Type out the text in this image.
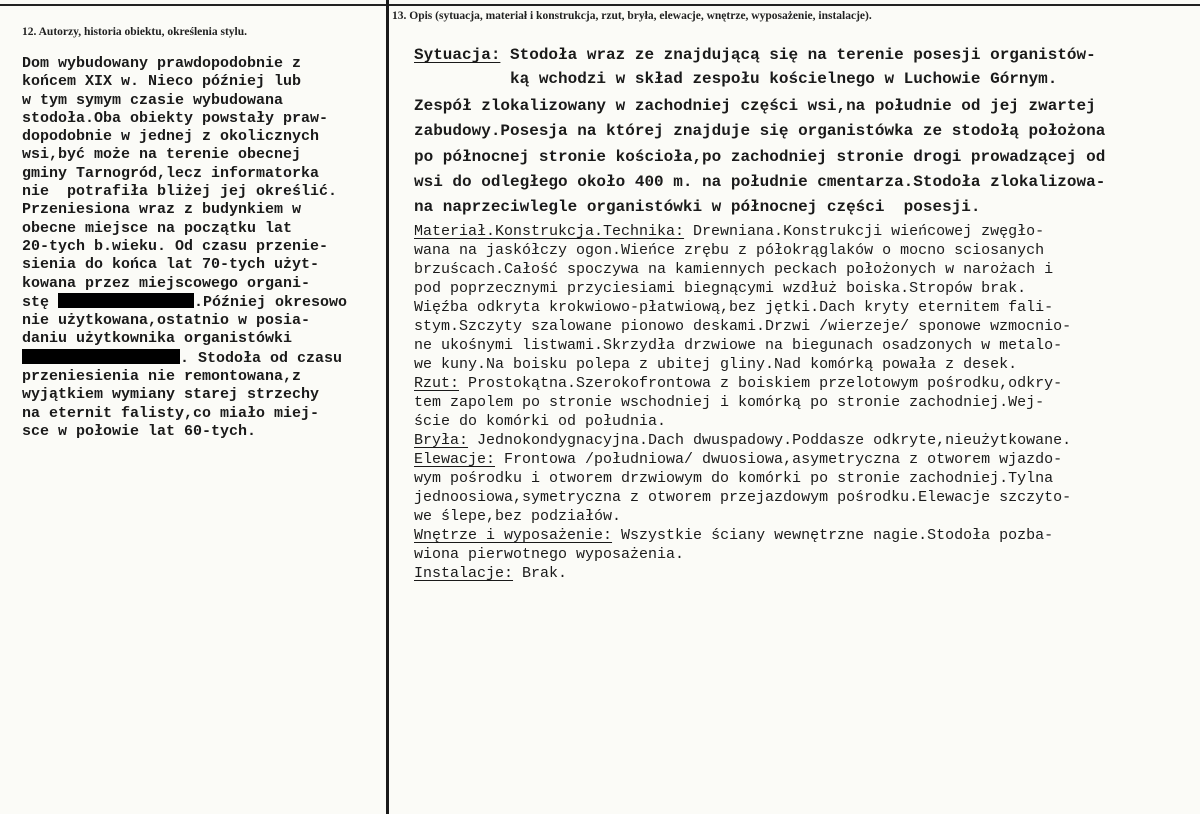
12. Autorzy, historia obiektu, określenia stylu.
13. Opis (sytuacja, materiał i konstrukcja, rzut, bryła, elewacje, wnętrze, wyposażenie, instalacje).
Dom wybudowany prawdopodobnie z
końcem XIX w. Nieco później lub
w tym symym czasie wybudowana
stodoła.Oba obiekty powstały praw-
dopodobnie w jednej z okolicznych
wsi,być może na terenie obecnej
gminy Tarnogród,lecz informatorka
nie  potrafiła bliżej jej określić.
Przeniesiona wraz z budynkiem w
obecne miejsce na początku lat
20-tych b.wieku. Od czasu przenie-
sienia do końca lat 70-tych użyt-
kowana przez miejscowego organi-
stę	.Później okresowo
nie użytkowana,ostatnio w posia-
daniu użytkownika organistówki
. Stodoła od czasu
przeniesienia nie remontowana,z
wyjątkiem wymiany starej strzechy
na eternit falisty,co miało miej-
sce w połowie lat 60-tych.
Sytuacja: Stodoła wraz ze znajdującą się na terenie posesji organistów-
ką wchodzi w skład zespołu kościelnego w Luchowie Górnym.
Zespół zlokalizowany w zachodniej części wsi,na południe od jej zwartej
zabudowy.Posesja na której znajduje się organistówka ze stodołą położona
po północnej stronie kościoła,po zachodniej stronie drogi prowadzącej od
wsi do odległego około 400 m. na południe cmentarza.Stodoła zlokalizowa-
na naprzeciwlegle organistówki w północnej części  posesji.
Materiał.Konstrukcja.Technika: Drewniana.Konstrukcji wieńcowej zwęgło-
wana na jaskółczy ogon.Wieńce zrębu z półokrąglaków o mocno sciosanych
brzuścach.Całość spoczywa na kamiennych peckach położonych w narożach i
pod poprzecznymi przyciesiami biegnącymi wzdłuż boiska.Stropów brak.
Więźba odkryta krokwiowo-płatwiową,bez jętki.Dach kryty eternitem fali-
stym.Szczyty szalowane pionowo deskami.Drzwi /wierzeje/ sponowe wzmocnio-
ne ukośnymi listwami.Skrzydła drzwiowe na biegunach osadzonych w metalo-
we kuny.Na boisku polepa z ubitej gliny.Nad komórką powała z desek.
Rzut: Prostokątna.Szerokofrontowa z boiskiem przelotowym pośrodku,odkry-
tem zapolem po stronie wschodniej i komórką po stronie zachodniej.Wej-
ście do komórki od południa.
Bryła: Jednokondygnacyjna.Dach dwuspadowy.Poddasze odkryte,nieużytkowane.
Elewacje: Frontowa /południowa/ dwuosiowa,asymetryczna z otworem wjazdo-
wym pośrodku i otworem drzwiowym do komórki po stronie zachodniej.Tylna
jednoosiowa,symetryczna z otworem przejazdowym pośrodku.Elewacje szczyto-
we ślepe,bez podziałów.
Wnętrze i wyposażenie: Wszystkie ściany wewnętrzne nagie.Stodoła pozba-
wiona pierwotnego wyposażenia.
Instalacje: Brak.
